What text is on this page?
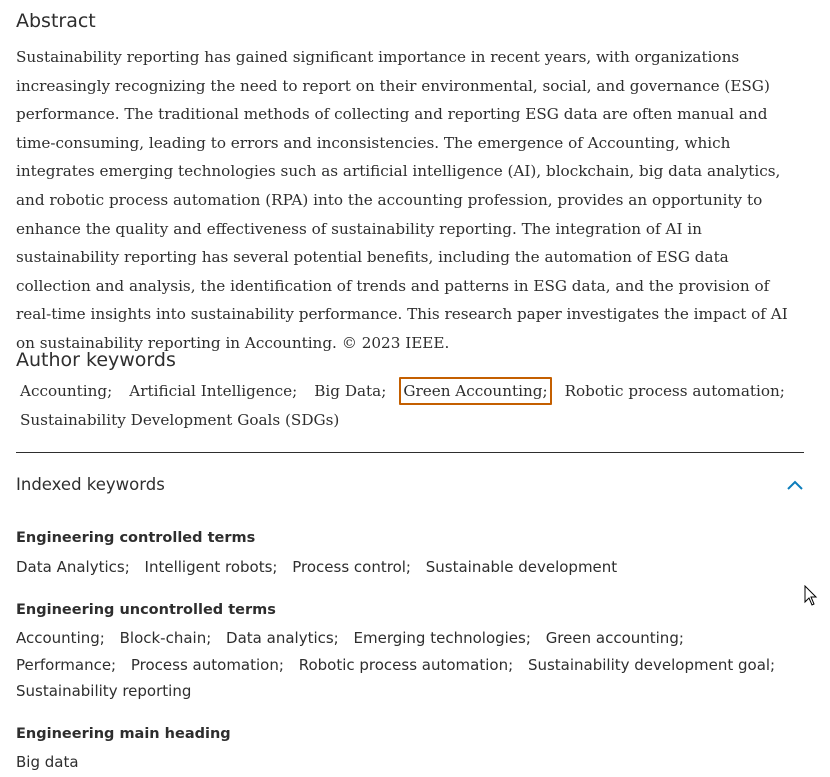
Abstract

Sustainability reporting has gained significant importance in recent years, with organizations increasingly recognizing the need to report on their environmental, social, and governance (ESG) performance. The traditional methods of collecting and reporting ESG data are often manual and time-consuming, leading to errors and inconsistencies. The emergence of Accounting, which integrates emerging technologies such as artificial intelligence (AI), blockchain, big data analytics, and robotic process automation (RPA) into the accounting profession, provides an opportunity to enhance the quality and effectiveness of sustainability reporting. The integration of AI in sustainability reporting has several potential benefits, including the automation of ESG data collection and analysis, the identification of trends and patterns in ESG data, and the provision of real-time insights into sustainability performance. This research paper investigates the impact of AI on sustainability reporting in Accounting. © 2023 IEEE.

Author keywords
Accounting; Artificial Intelligence; Big Data; Green Accounting; Robotic process automation;Sustainability Development Goals (SDGs)
Indexed keywords
Engineering controlled terms
Data Analytics; Intelligent robots; Process control; Sustainable development
Engineering uncontrolled terms
Accounting; Block-chain; Data analytics; Emerging technologies; Green accounting; Performance; Process automation; Robotic process automation; Sustainability development goal; Sustainability reporting
Engineering main heading
Big data
